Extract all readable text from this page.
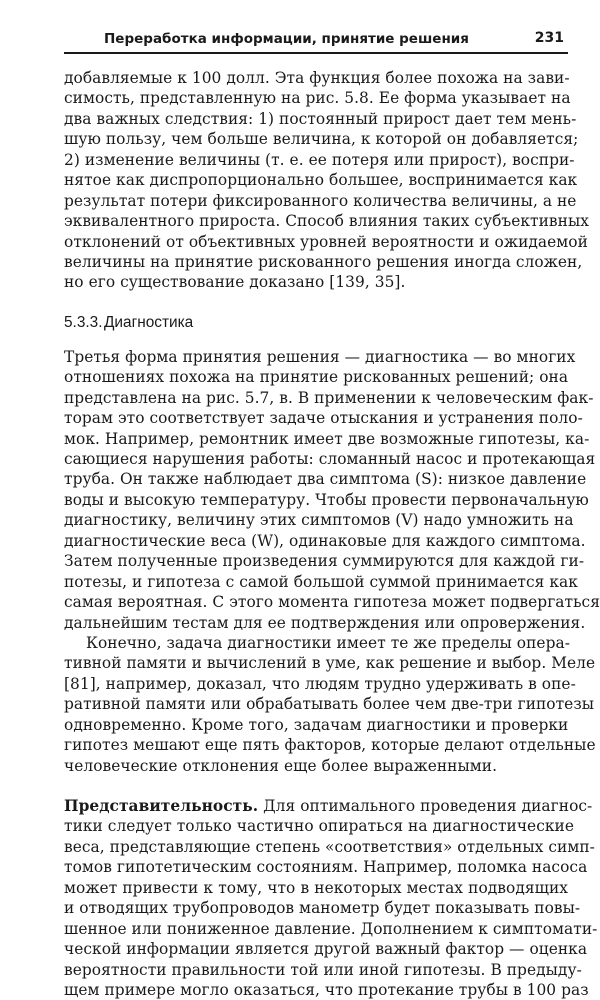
Переработка информации, принятие решения	231
добавляемые к 100 долл. Эта функция более похожа на зави-
симость, представленную на рис. 5.8. Ее форма указывает на
два важных следствия: 1) постоянный прирост дает тем мень-
шую пользу, чем больше величина, к которой он добавляется;
2) изменение величины (т. е. ее потеря или прирост), воспри-
нятое как диспропорционально большее, воспринимается как
результат потери фиксированного количества величины, а не
эквивалентного прироста. Способ влияния таких субъективных
отклонений от объективных уровней вероятности и ожидаемой
величины на принятие рискованного решения иногда сложен,
но его существование доказано [139, 35].
5.3.3.Диагностика
Третья форма принятия решения — диагностика — во многих
отношениях похожа на принятие рискованных решений; она
представлена на рис. 5.7, в. В применении к человеческим фак-
торам это соответствует задаче отыскания и устранения поло-
мок. Например, ремонтник имеет две возможные гипотезы, ка-
сающиеся нарушения работы: сломанный насос и протекающая
труба. Он также наблюдает два симптома (S): низкое давление
воды и высокую температуру. Чтобы провести первоначальную
диагностику, величину этих симптомов (V) надо умножить на
диагностические веса (W), одинаковые для каждого симптома.
Затем полученные произведения суммируются для каждой ги-
потезы, и гипотеза с самой большой суммой принимается как
самая вероятная. С этого момента гипотеза может подвергаться
дальнейшим тестам для ее подтверждения или опровержения.
Конечно, задача диагностики имеет те же пределы опера-
тивной памяти и вычислений в уме, как решение и выбор. Меле
[81], например, доказал, что людям трудно удерживать в опе-
ративной памяти или обрабатывать более чем две-три гипотезы
одновременно. Кроме того, задачам диагностики и проверки
гипотез мешают еще пять факторов, которые делают отдельные
человеческие отклонения еще более выраженными.
Представительность. Для оптимального проведения диагнос-
тики следует только частично опираться на диагностические
веса, представляющие степень «соответствия» отдельных симп-
томов гипотетическим состояниям. Например, поломка насоса
может привести к тому, что в некоторых местах подводящих
и отводящих трубопроводов манометр будет показывать повы-
шенное или пониженное давление. Дополнением к симптомати-
ческой информации является другой важный фактор — оценка
вероятности правильности той или иной гипотезы. В предыду-
щем примере могло оказаться, что протекание трубы в 100 раз
